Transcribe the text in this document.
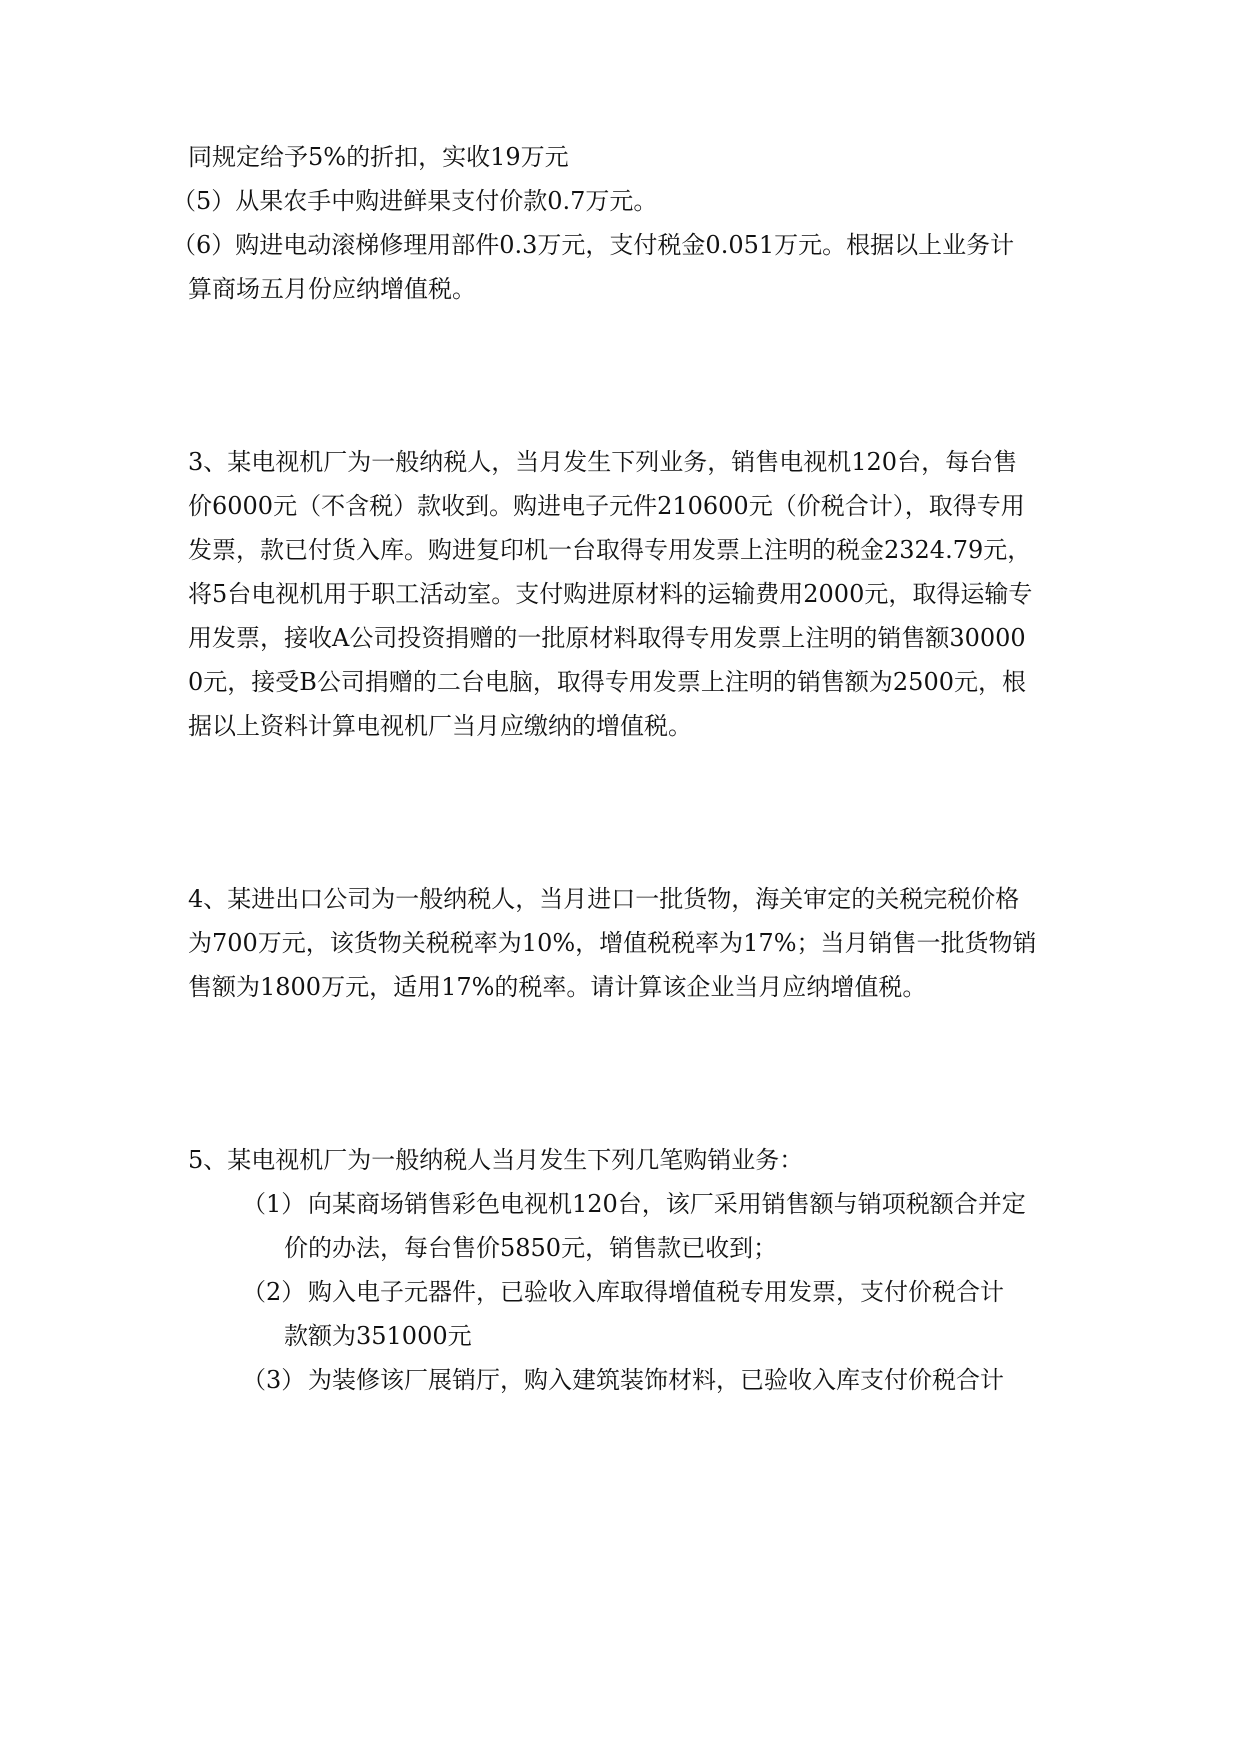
同规定给予5%的折扣，实收19万元
（5）从果农手中购进鲜果支付价款0.7万元。
（6）购进电动滚梯修理用部件0.3万元，支付税金0.051万元。根据以上业务计
算商场五月份应纳增值税。
3、某电视机厂为一般纳税人，当月发生下列业务，销售电视机120台，每台售
价6000元（不含税）款收到。购进电子元件210600元（价税合计），取得专用
发票，款已付货入库。购进复印机一台取得专用发票上注明的税金2324.79元，
将5台电视机用于职工活动室。支付购进原材料的运输费用2000元，取得运输专
用发票，接收A公司投资捐赠的一批原材料取得专用发票上注明的销售额30000
0元，接受B公司捐赠的二台电脑，取得专用发票上注明的销售额为2500元，根
据以上资料计算电视机厂当月应缴纳的增值税。
4、某进出口公司为一般纳税人，当月进口一批货物，海关审定的关税完税价格
为700万元，该货物关税税率为10%，增值税税率为17%；当月销售一批货物销
售额为1800万元，适用17%的税率。请计算该企业当月应纳增值税。
5、某电视机厂为一般纳税人当月发生下列几笔购销业务：
（1） 向某商场销售彩色电视机120台，该厂采用销售额与销项税额合并定
价的办法，每台售价5850元，销售款已收到；
（2） 购入电子元器件，已验收入库取得增值税专用发票，支付价税合计
款额为351000元
（3） 为装修该厂展销厅，购入建筑装饰材料，已验收入库支付价税合计
